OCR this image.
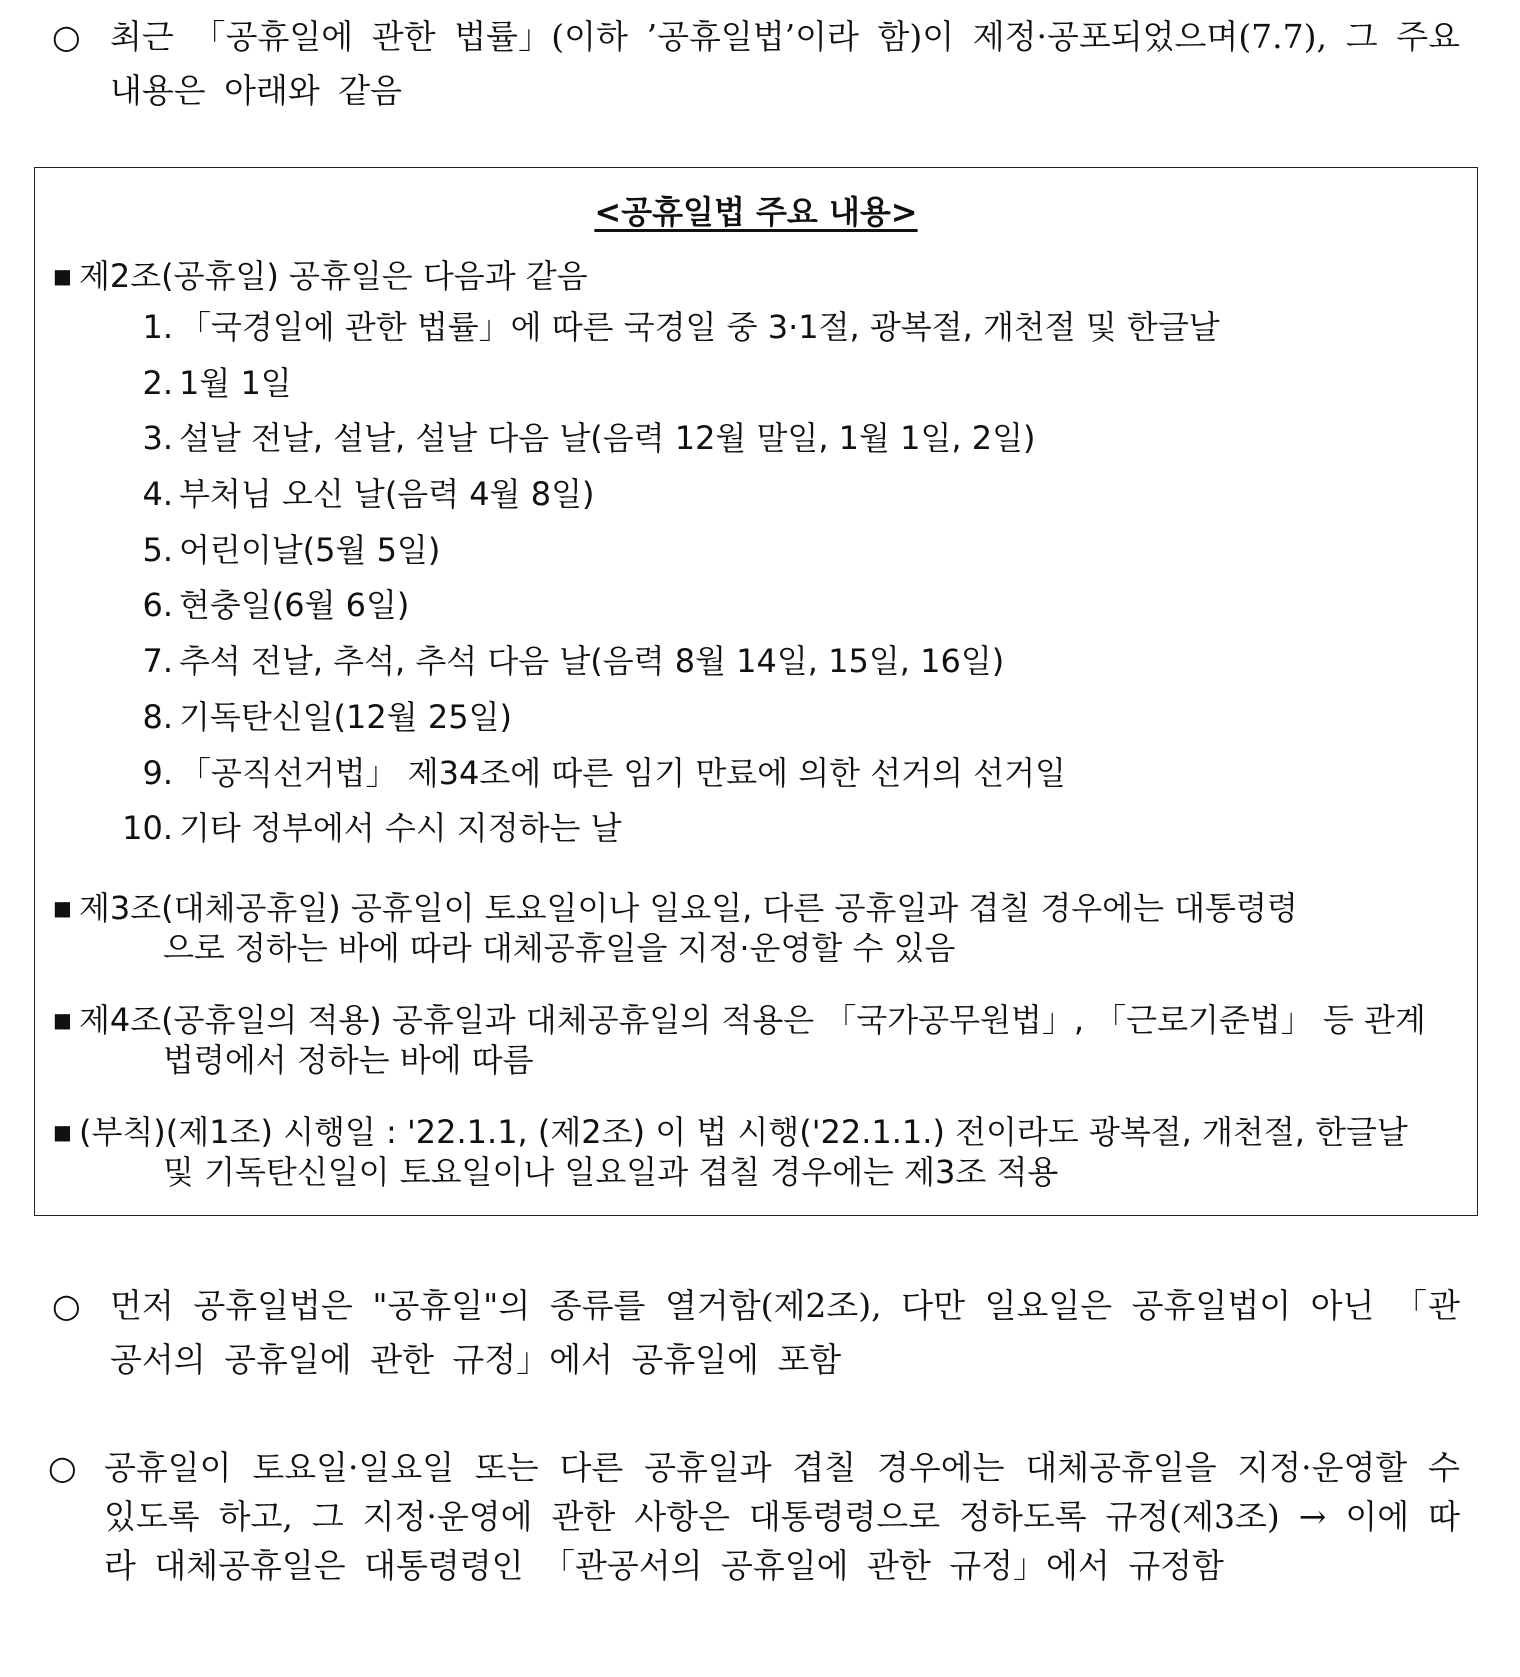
○ 최근 「공휴일에 관한 법률」(이하 ’공휴일법’이라 함)이 제정·공포되었으며(7.7), 그 주요 내용은 아래와 같음
<공휴일법 주요 내용>
■ 제2조(공휴일) 공휴일은 다음과 같음
1. 「국경일에 관한 법률」에 따른 국경일 중 3·1절, 광복절, 개천절 및 한글날
2. 1월 1일
3. 설날 전날, 설날, 설날 다음 날(음력 12월 말일, 1월 1일, 2일)
4. 부처님 오신 날(음력 4월 8일)
5. 어린이날(5월 5일)
6. 현충일(6월 6일)
7. 추석 전날, 추석, 추석 다음 날(음력 8월 14일, 15일, 16일)
8. 기독탄신일(12월 25일)
9. 「공직선거법」 제34조에 따른 임기 만료에 의한 선거의 선거일
10. 기타 정부에서 수시 지정하는 날
■ 제3조(대체공휴일) 공휴일이 토요일이나 일요일, 다른 공휴일과 겹칠 경우에는 대통령령
으로 정하는 바에 따라 대체공휴일을 지정·운영할 수 있음
■ 제4조(공휴일의 적용) 공휴일과 대체공휴일의 적용은 「국가공무원법」, 「근로기준법」 등 관계
법령에서 정하는 바에 따름
■ (부칙)(제1조) 시행일 : '22.1.1, (제2조) 이 법 시행('22.1.1.) 전이라도 광복절, 개천절, 한글날
및 기독탄신일이 토요일이나 일요일과 겹칠 경우에는 제3조 적용
○ 먼저 공휴일법은 "공휴일"의 종류를 열거함(제2조), 다만 일요일은 공휴일법이 아닌 「관공서의 공휴일에 관한 규정」에서 공휴일에 포함
○ 공휴일이 토요일·일요일 또는 다른 공휴일과 겹칠 경우에는 대체공휴일을 지정·운영할 수 있도록 하고, 그 지정·운영에 관한 사항은 대통령령으로 정하도록 규정(제3조) → 이에 따라 대체공휴일은 대통령령인 「관공서의 공휴일에 관한 규정」에서 규정함
